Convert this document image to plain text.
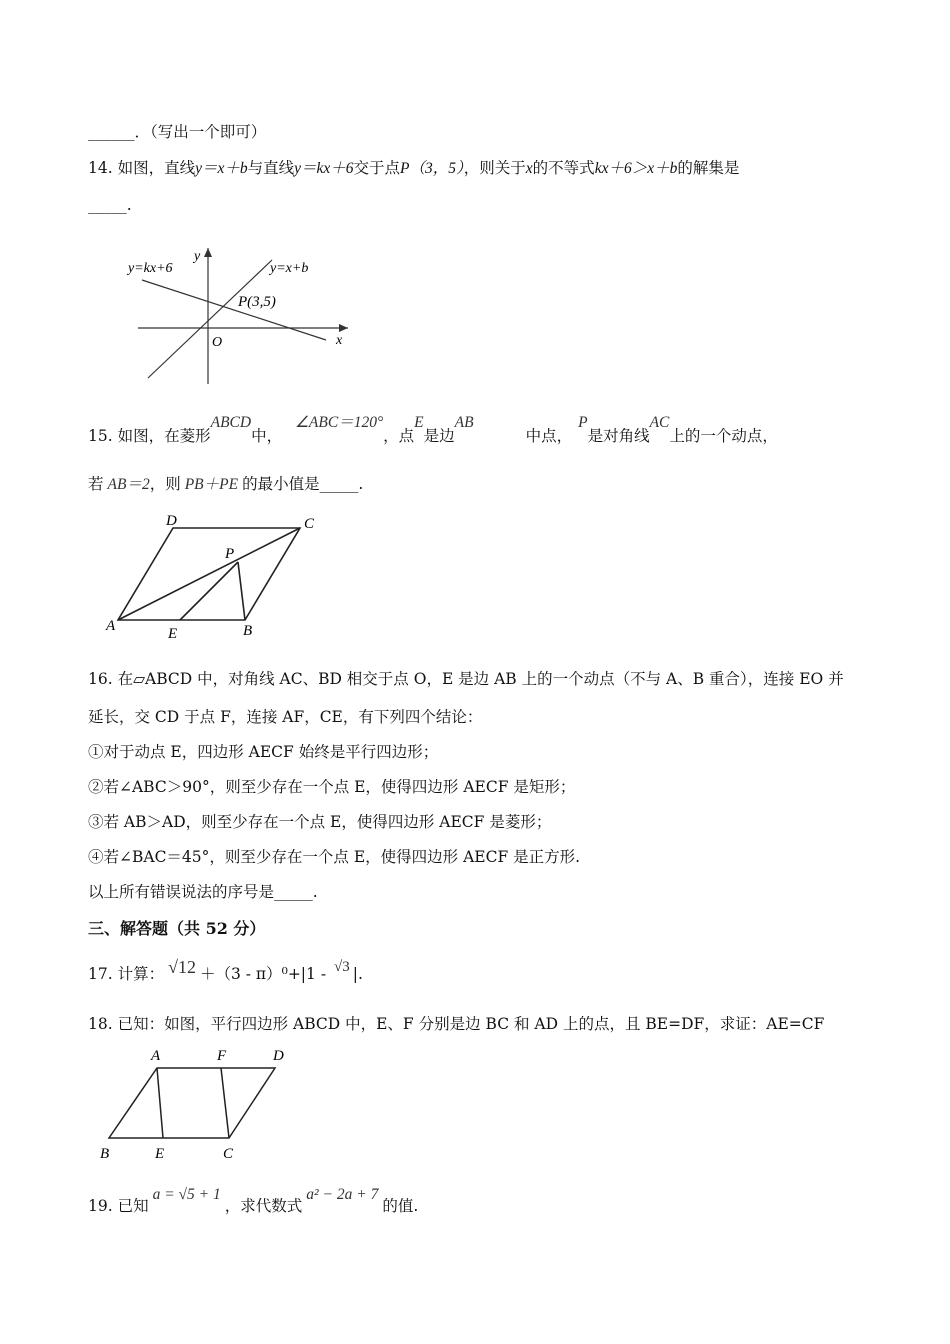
______．（写出一个即可）
14. 如图，直线y＝x＋b与直线y＝kx＋6交于点P（3，5），则关于x的不等式kx＋6＞x＋b的解集是
_____.
y=kx+6
y
y=x+b
P(3,5)
O	x
15. 如图，在菱形ABCD中， ∠ABC＝120°，点E是边AB中点，P是对角线AC上的一个动点，
若 AB＝2，则 PB＋PE 的最小值是_____.
D	C
P
A	E	B
16. 在▱ABCD 中，对角线 AC、BD 相交于点 O，E 是边 AB 上的一个动点（不与 A、B 重合），连接 EO 并
延长，交 CD 于点 F，连接 AF，CE，有下列四个结论：
①对于动点 E，四边形 AECF 始终是平行四边形；
②若∠ABC＞90°，则至少存在一个点 E，使得四边形 AECF 是矩形；
③若 AB＞AD，则至少存在一个点 E，使得四边形 AECF 是菱形；
④若∠BAC＝45°，则至少存在一个点 E，使得四边形 AECF 是正方形.
以上所有错误说法的序号是_____.
三、解答题（共 52 分）
17. 计算： √12 ＋（3 - π）⁰+|1 - √3 |.
18. 已知：如图，平行四边形 ABCD 中，E、F 分别是边 BC 和 AD 上的点，且 BE=DF，求证：AE=CF
A	F	D
B	E	C
19. 已知a = √5 + 1，求代数式a² − 2a + 7的值.
